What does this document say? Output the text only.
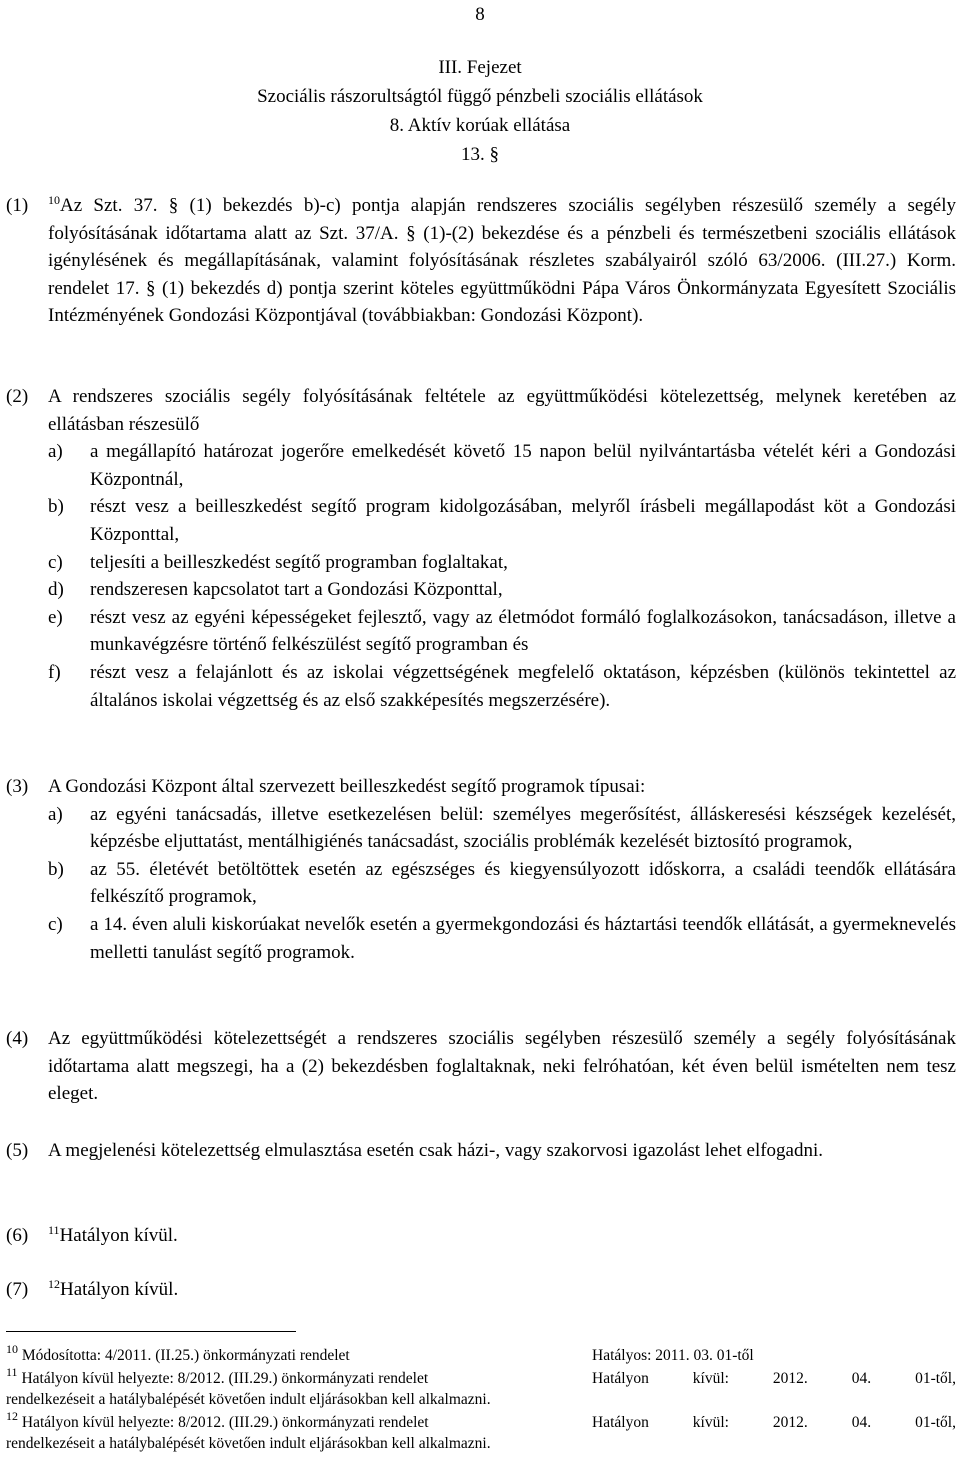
8
III. Fejezet
Szociális rászorultságtól függő pénzbeli szociális ellátások
8. Aktív korúak ellátása
13. §
(1) $^{10}$Az Szt. 37. § (1) bekezdés b)-c) pontja alapján rendszeres szociális segélyben részesülő személy a segély folyósításának időtartama alatt az Szt. 37/A. § (1)-(2) bekezdése és a pénzbeli és természetbeni szociális ellátások igénylésének és megállapításának, valamint folyósításának részletes szabályairól szóló 63/2006. (III.27.) Korm. rendelet 17. § (1) bekezdés d) pontja szerint köteles együttműködni Pápa Város Önkormányzata Egyesített Szociális Intézményének Gondozási Központjával (továbbiakban: Gondozási Központ).
(2) A rendszeres szociális segély folyósításának feltétele az együttműködési kötelezettség, melynek keretében az ellátásban részesülő
a) a megállapító határozat jogerőre emelkedését követő 15 napon belül nyilvántartásba vételét kéri a Gondozási Központnál,
b) részt vesz a beilleszkedést segítő program kidolgozásában, melyről írásbeli megállapodást köt a Gondozási Központtal,
c) teljesíti a beilleszkedést segítő programban foglaltakat,
d) rendszeresen kapcsolatot tart a Gondozási Központtal,
e) részt vesz az egyéni képességeket fejlesztő, vagy az életmódot formáló foglalkozásokon, tanácsadáson, illetve a munkavégzésre történő felkészülést segítő programban és
f) részt vesz a felajánlott és az iskolai végzettségének megfelelő oktatáson, képzésben (különös tekintettel az általános iskolai végzettség és az első szakképesítés megszerzésére).
(3) A Gondozási Központ által szervezett beilleszkedést segítő programok típusai:
a) az egyéni tanácsadás, illetve esetkezelésen belül: személyes megerősítést, álláskeresési készségek kezelését, képzésbe eljuttatást, mentálhigiénés tanácsadást, szociális problémák kezelését biztosító programok,
b) az 55. életévét betöltöttek esetén az egészséges és kiegyensúlyozott időskorra, a családi teendők ellátására felkészítő programok,
c) a 14. éven aluli kiskorúakat nevelők esetén a gyermekgondozási és háztartási teendők ellátását, a gyermeknevelés melletti tanulást segítő programok.
(4) Az együttműködési kötelezettségét a rendszeres szociális segélyben részesülő személy a segély folyósításának időtartama alatt megszegi, ha a (2) bekezdésben foglaltaknak, neki felróhatóan, két éven belül ismételten nem tesz eleget.
(5) A megjelenési kötelezettség elmulasztása esetén csak házi-, vagy szakorvosi igazolást lehet elfogadni.
(6) $^{11}$Hatályon kívül.
(7) $^{12}$Hatályon kívül.
$^{10}$ Módosította: 4/2011. (II.25.) önkormányzati rendelet	Hatályos: 2011. 03. 01-től
$^{11}$ Hatályon kívül helyezte: 8/2012. (III.29.) önkormányzati rendelet	Hatályon kívül: 2012. 04. 01-től,
rendelkezéseit a hatálybalépését követően indult eljárásokban kell alkalmazni.
$^{12}$ Hatályon kívül helyezte: 8/2012. (III.29.) önkormányzati rendelet	Hatályon kívül: 2012. 04. 01-től,
rendelkezéseit a hatálybalépését követően indult eljárásokban kell alkalmazni.
